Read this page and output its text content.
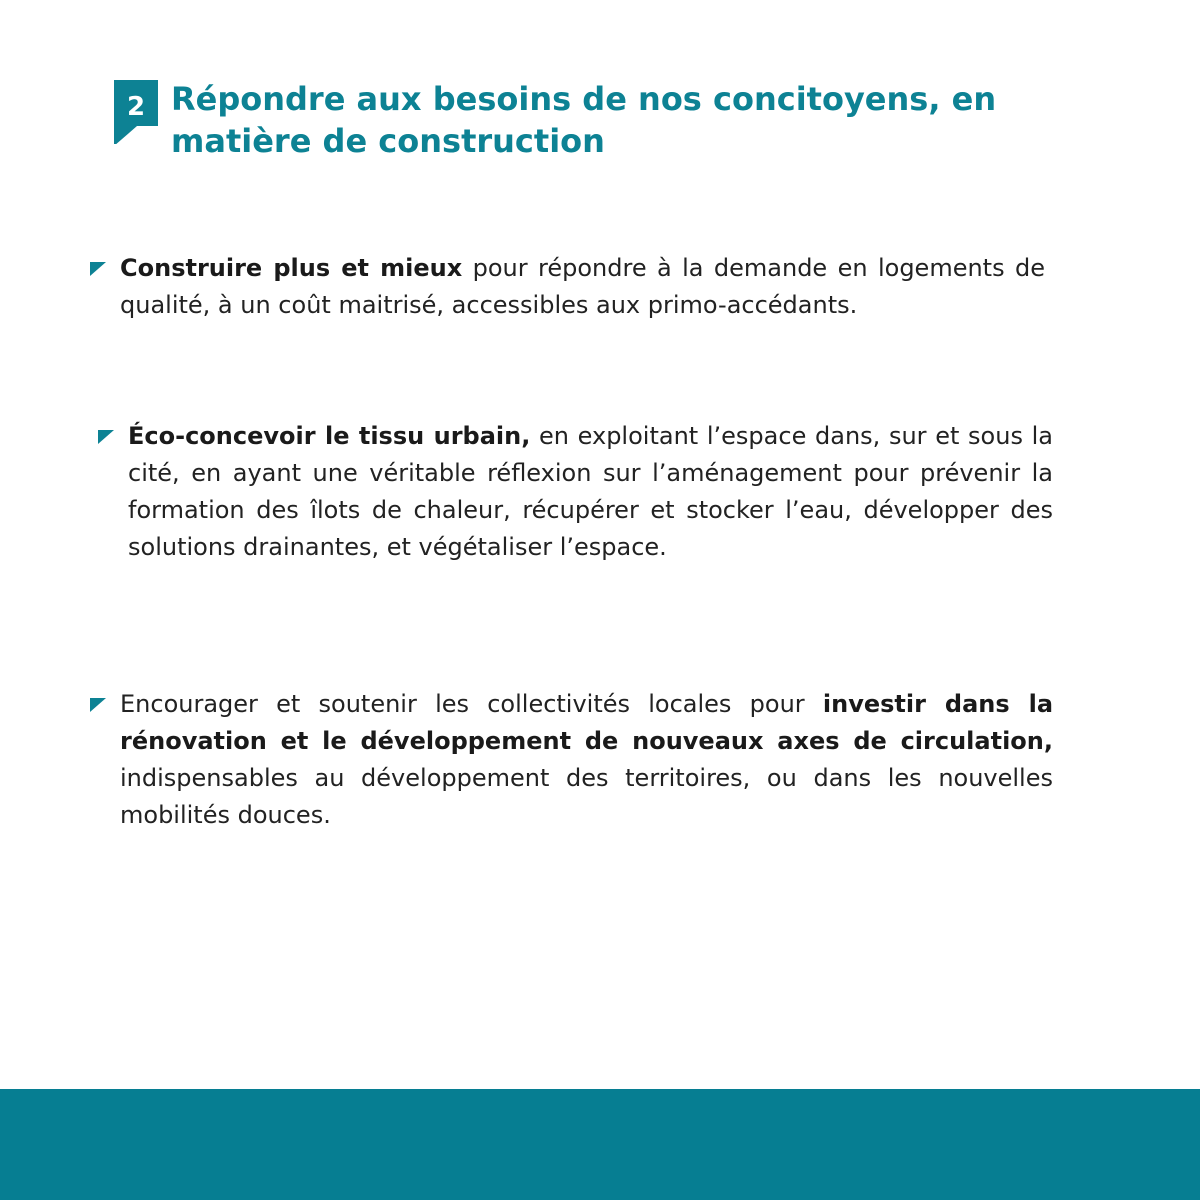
2 Répondre aux besoins de nos concitoyens, en matière de construction

Construire plus et mieux pour répondre à la demande en logements de qualité, à un coût maitrisé, accessibles aux primo-accédants.

Éco-concevoir le tissu urbain, en exploitant l’espace dans, sur et sous la cité, en ayant une véritable réflexion sur l’aménagement pour prévenir la formation des îlots de chaleur, récupérer et stocker l’eau, développer des solutions drainantes, et végétaliser l’espace.

Encourager et soutenir les collectivités locales pour investir dans la rénovation et le développement de nouveaux axes de circulation, indispensables au développement des territoires, ou dans les nouvelles mobilités douces.
